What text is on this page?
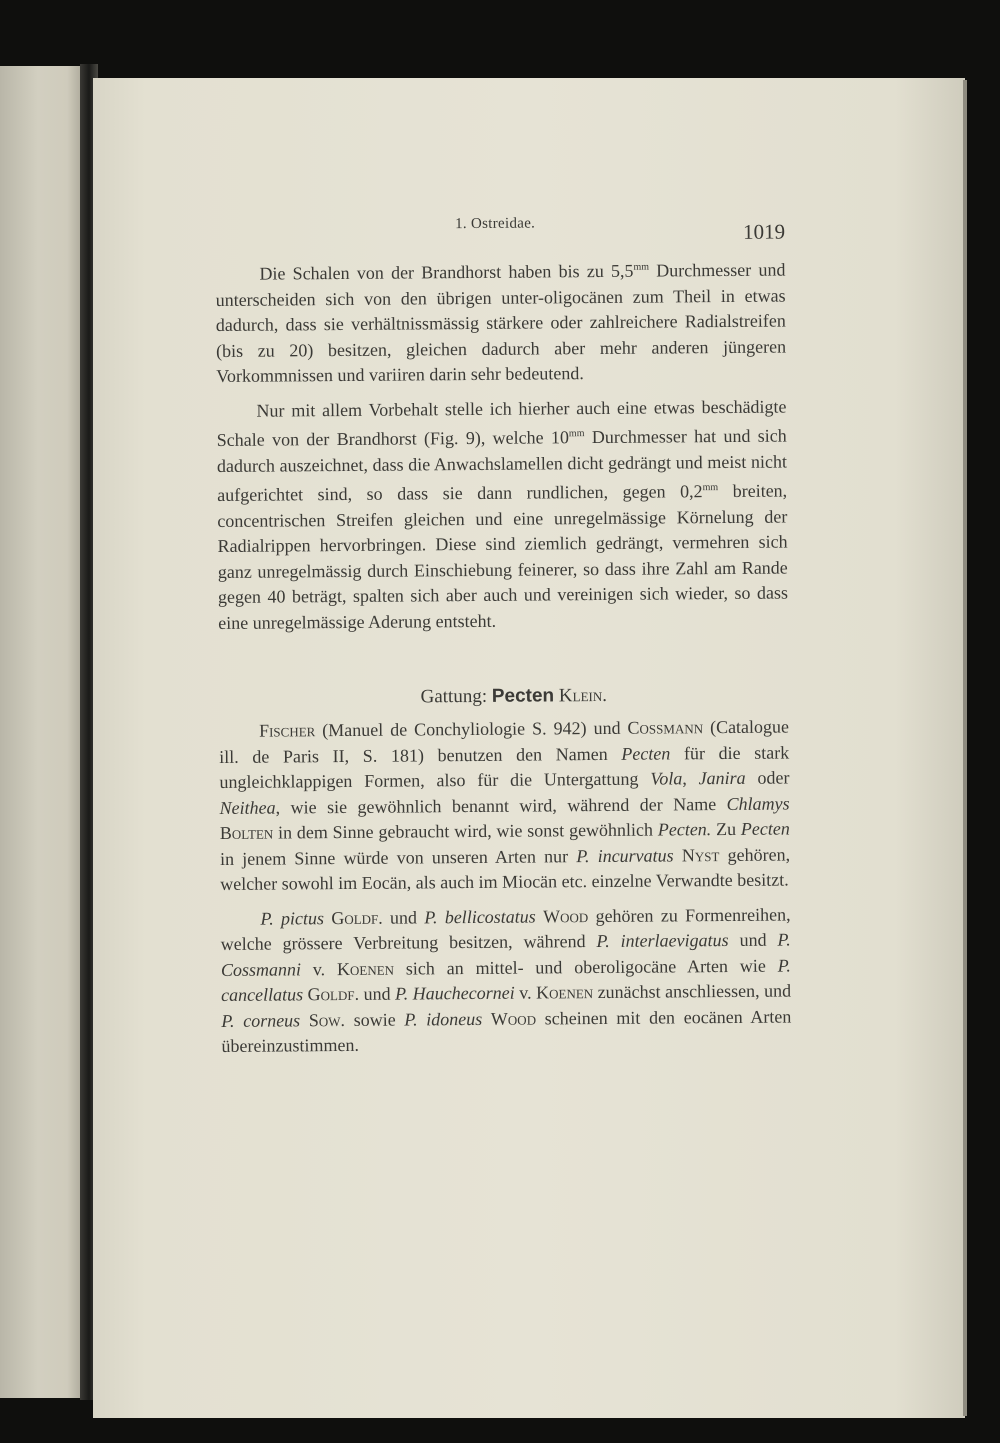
1. Ostreidae.	1019

Die Schalen von der Brandhorst haben bis zu $5,5^{mm}$ Durchmesser und unterscheiden sich von den übrigen unter-oligocänen zum Theil in etwas dadurch, dass sie verhältnissmässig stärkere oder zahlreichere Radialstreifen (bis zu 20) besitzen, gleichen dadurch aber mehr anderen jüngeren Vorkommnissen und variiren darin sehr bedeutend.

Nur mit allem Vorbehalt stelle ich hierher auch eine etwas beschädigte Schale von der Brandhorst (Fig. 9), welche $10^{mm}$ Durchmesser hat und sich dadurch auszeichnet, dass die Anwachslamellen dicht gedrängt und meist nicht aufgerichtet sind, so dass sie dann rundlichen, gegen $0,2^{mm}$ breiten, concentrischen Streifen gleichen und eine unregelmässige Körnelung der Radialrippen hervorbringen. Diese sind ziemlich gedrängt, vermehren sich ganz unregelmässig durch Einschiebung feinerer, so dass ihre Zahl am Rande gegen 40 beträgt, spalten sich aber auch und vereinigen sich wieder, so dass eine unregelmässige Aderung entsteht.

Gattung: Pecten Klein.

Fischer (Manuel de Conchyliologie S. 942) und Cossmann (Catalogue ill. de Paris II, S. 181) benutzen den Namen Pecten für die stark ungleichklappigen Formen, also für die Untergattung Vola, Janira oder Neithea, wie sie gewöhnlich benannt wird, während der Name Chlamys Bolten in dem Sinne gebraucht wird, wie sonst gewöhnlich Pecten. Zu Pecten in jenem Sinne würde von unseren Arten nur P. incurvatus Nyst gehören, welcher sowohl im Eocän, als auch im Miocän etc. einzelne Verwandte besitzt.

P. pictus Goldf. und P. bellicostatus Wood gehören zu Formenreihen, welche grössere Verbreitung besitzen, während P. interlaevigatus und P. Cossmanni v. Koenen sich an mittel- und oberoligocäne Arten wie P. cancellatus Goldf. und P. Hauchecornei v. Koenen zunächst anschliessen, und P. corneus Sow. sowie P. idoneus Wood scheinen mit den eocänen Arten übereinzustimmen.
